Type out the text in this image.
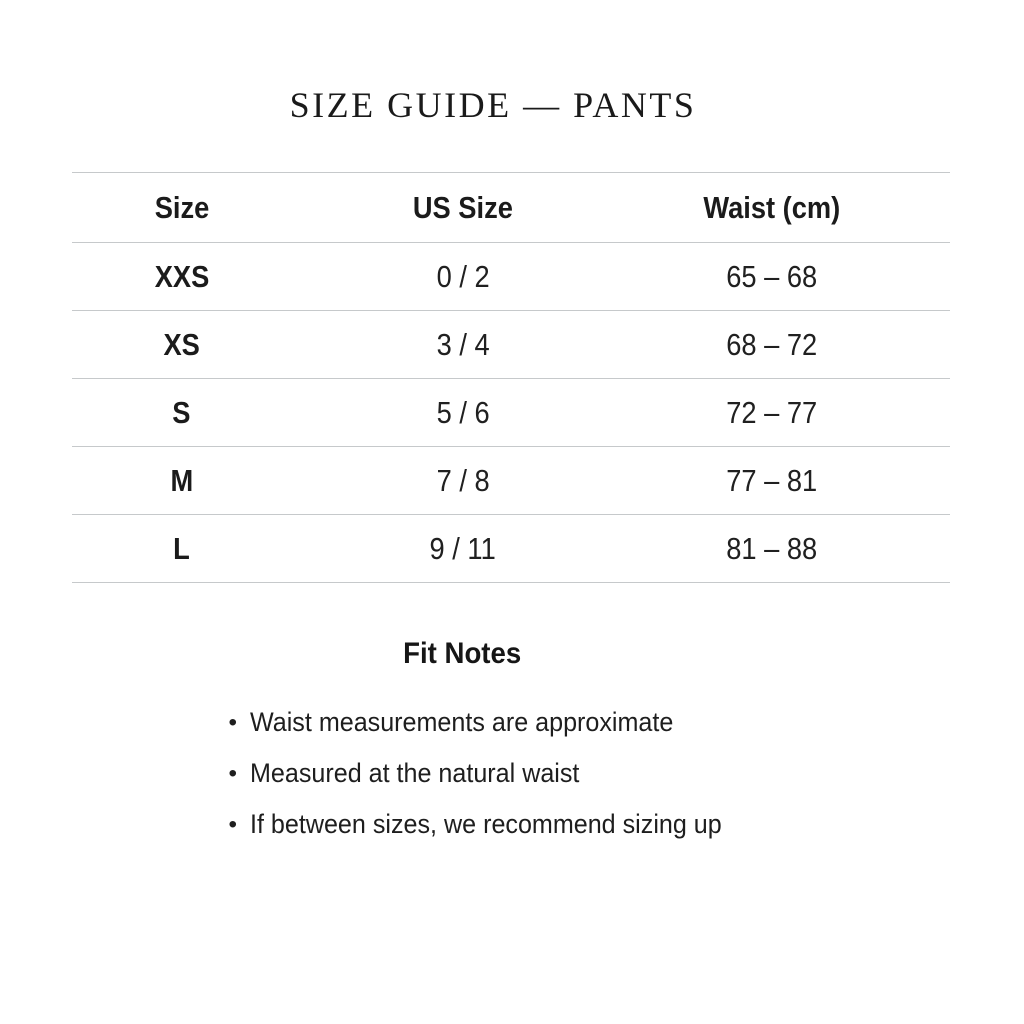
SIZE GUIDE — PANTS
Size	US Size	Waist (cm)
XXS	0 / 2	65 – 68
XS	3 / 4	68 – 72
S	5 / 6	72 – 77
M	7 / 8	77 – 81
L	9 / 11	81 – 88
Fit Notes
• Waist measurements are approximate
• Measured at the natural waist
• If between sizes, we recommend sizing up
